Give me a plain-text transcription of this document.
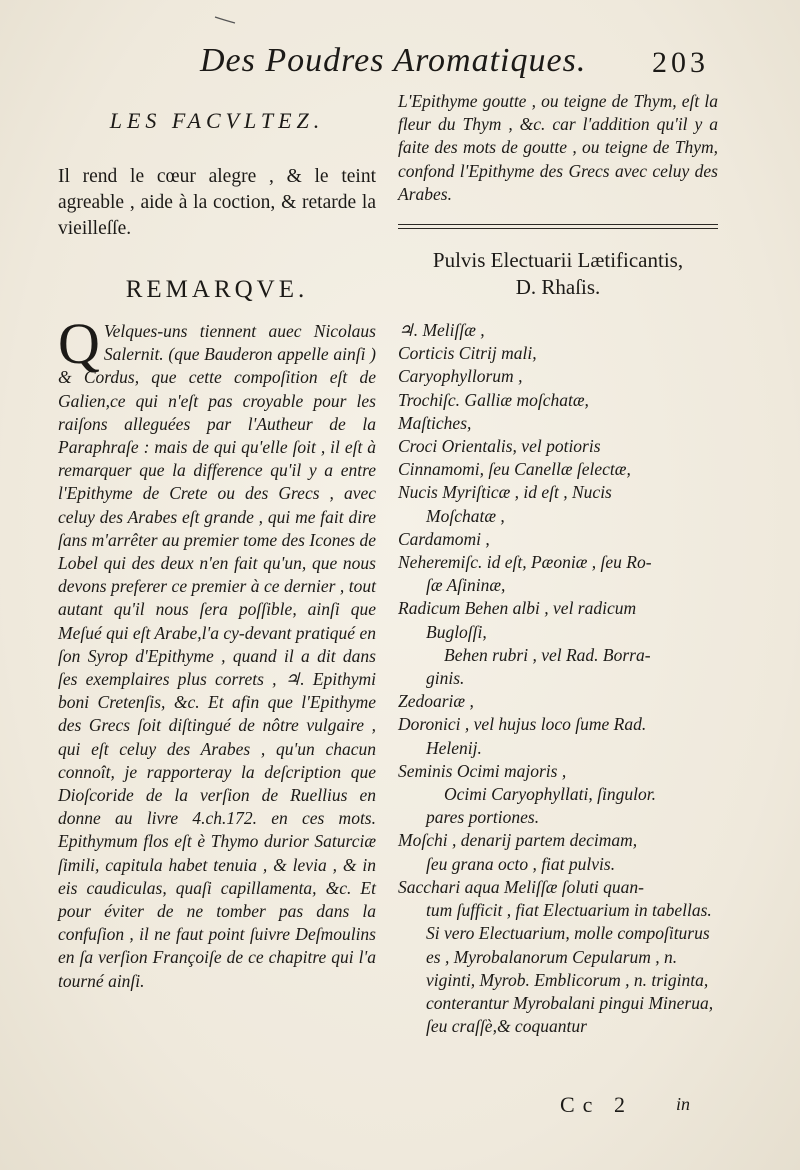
Des Poudres Aromatiques. 203
LES FACVLTEZ.

Il rend le cœur alegre , & le teint agreable , aide à la coction, & retarde la vieilleſſe.

REMARQVE.
Q Velques-uns tiennent auec Nicolaus Salernit. (que Bauderon appelle ainſi ) & Cordus, que cette compoſition eſt de Galien,ce qui n'eſt pas croyable pour les raiſons alleguées par l'Autheur de la Paraphraſe : mais de qui qu'elle ſoit , il eſt à remarquer que la difference qu'il y a entre l'Epithyme de Crete ou des Grecs , avec celuy des Arabes eſt grande , qui me fait dire ſans m'arrêter au premier tome des Icones de Lobel qui des deux n'en fait qu'un, que nous devons preferer ce premier à ce dernier , tout autant qu'il nous ſera poſſible, ainſi que Meſué qui eſt Arabe,l'a cy-devant pratiqué en ſon Syrop d'Epithyme , quand il a dit dans ſes exemplaires plus correts , ♃. Epithymi boni Cretenſis, &c. Et afin que l'Epithyme des Grecs ſoit diſtingué de nôtre vulgaire , qui eſt celuy des Arabes , qu'un chacun connoît, je rapporteray la deſcription que Dioſcoride de la verſion de Ruellius en donne au livre 4.ch.172. en ces mots. Epithymum flos eſt è Thymo durior Saturciæ ſimili, capitula habet tenuia , & levia , & in eis caudiculas, quaſi capillamenta, &c. Et pour éviter de ne tomber pas dans la confuſion , il ne faut point ſuivre Deſmoulins en ſa verſion Françoiſe de ce chapitre qui l'a tourné ainſi.

L'Epithyme goutte , ou teigne de Thym, eſt la fleur du Thym , &c. car l'addition qu'il y a faite des mots de goutte , ou teigne de Thym, confond l'Epithyme des Grecs avec celuy des Arabes.

Pulvis Electuarii Lætificantis,
D. Rhaſis.
♃. Meliſſæ ,
Corticis Citrij mali,
Caryophyllorum ,
Trochiſc. Galliæ moſchatæ,
Maſtiches,
Croci Orientalis, vel potioris
Cinnamomi, ſeu Canellæ ſelectæ,
Nucis Myriſticæ , id eſt , Nucis
Moſchatæ ,
Cardamomi ,
Neheremiſc. id eſt, Pæoniæ , ſeu Ro-
ſæ Aſininæ,
Radicum Behen albi , vel radicum
Bugloſſi,
Behen rubri , vel Rad. Borra-
ginis.
Zedoariæ ,
Doronici , vel hujus loco ſume Rad.
Helenij.
Seminis Ocimi majoris ,
Ocimi Caryophyllati, ſingulor.
pares portiones.
Moſchi , denarij partem decimam,
ſeu grana octo , fiat pulvis.
Sacchari aqua Meliſſæ ſoluti quan-
tum ſufficit , fiat Electuarium in tabellas. Si vero Electuarium, molle compoſiturus es , Myrobalanorum Cepularum , n. viginti, Myrob. Emblicorum , n. triginta, conterantur Myrobalani pingui Minerua, ſeu craſſè,& coquantur
Cc 2 in
